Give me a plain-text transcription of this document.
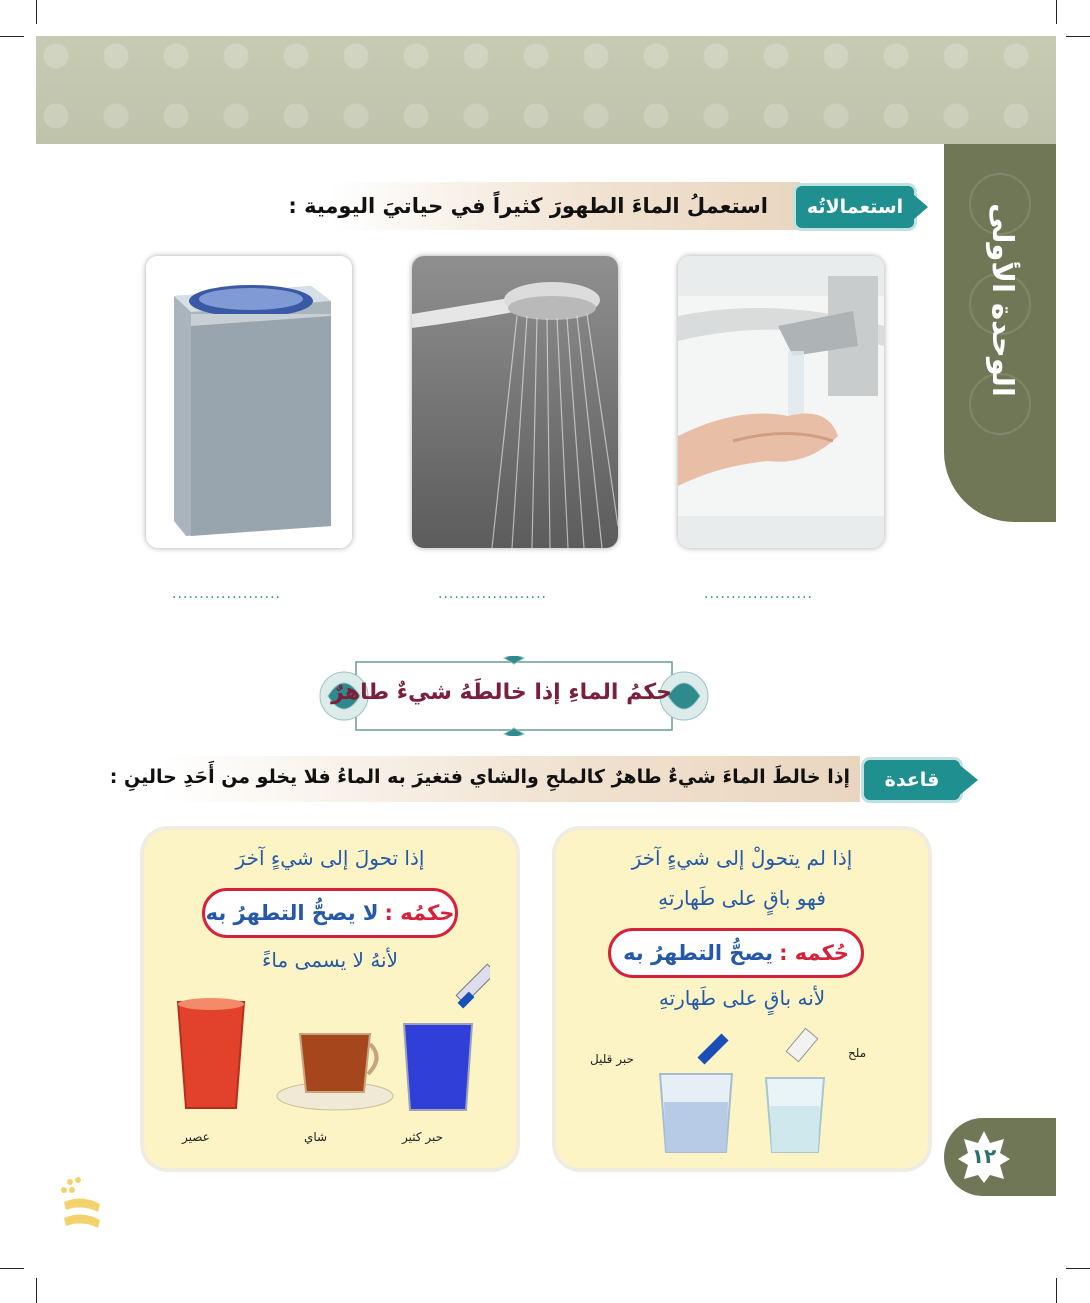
الوحدة الأولى
استعمالاتُه
استعملُ الماءَ الطهورَ كثيراً في حياتيَ اليومية :
....................
....................
....................
حكمُ الماءِ إذا خالطَهُ شيءٌ طاهرٌ
قاعدة
إذا خالطَ الماءَ شيءٌ طاهرٌ كالملحِ والشاي فتغيرَ به الماءُ فلا يخلو من أَحَدِ حالينِ :
إذا لم يتحولْ إلى شيءٍ آخرَ
فهو باقٍ على طَهارتهِ
حُكمه :
يصحُّ التطهرُ به
لأنه باقٍ على طَهارتهِ
ملح
حبر قليل
إذا تحولَ إلى شيءٍ آخرَ
حكمُه :
لا يصحُّ التطهرُ به
لأنهُ لا يسمى ماءً
حبر كثير
شاي
عصير
١٢
